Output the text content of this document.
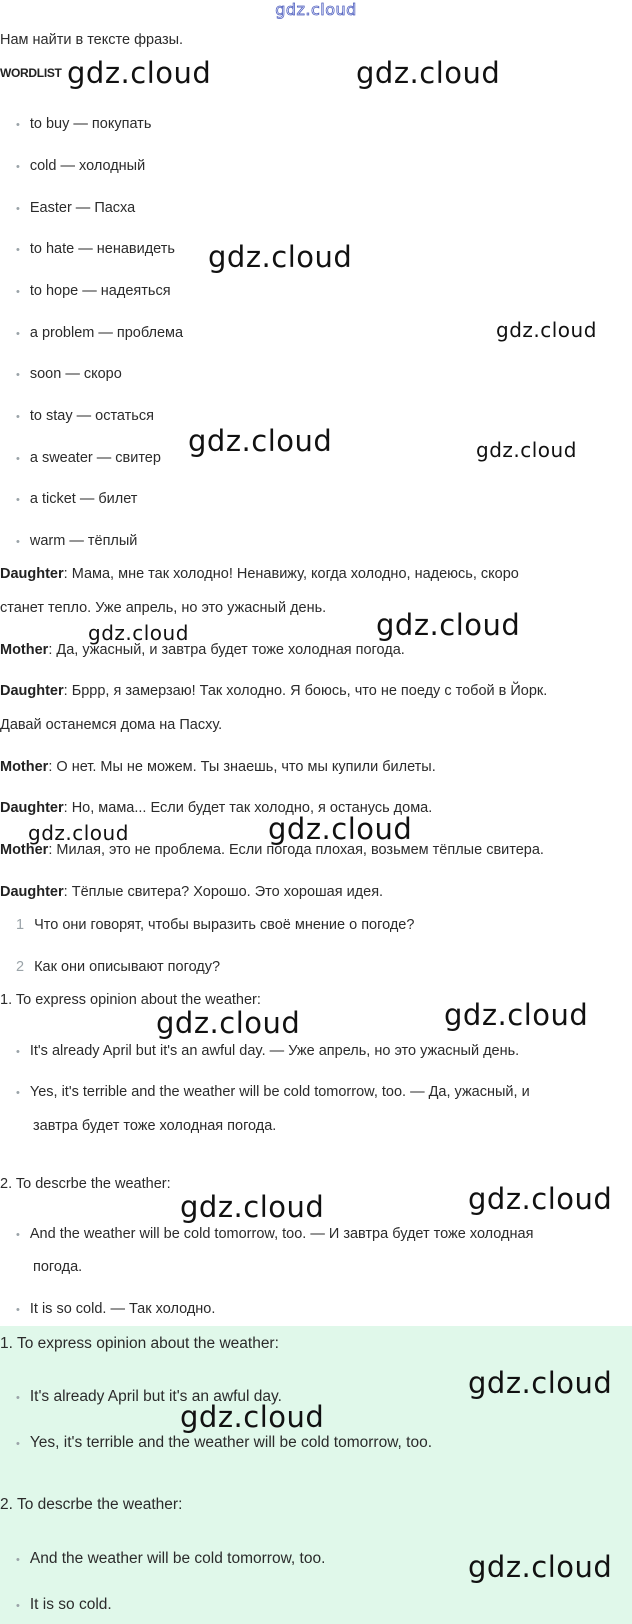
gdz.cloud
Нам найти в тексте фразы.
WORDLIST
• to buy — покупать
• cold — холодный
• Easter — Пасха
• to hate — ненавидеть
• to hope — надеяться
• a problem — проблема
• soon — скоро
• to stay — остаться
• a sweater — свитер
• a ticket — билет
• warm — тёплый
Daughter: Мама, мне так холодно! Ненавижу, когда холодно, надеюсь, скоро
станет тепло. Уже апрель, но это ужасный день.
Mother: Да, ужасный, и завтра будет тоже холодная погода.
Daughter: Бррр, я замерзаю! Так холодно. Я боюсь, что не поеду с тобой в Йорк.
Давай останемся дома на Пасху.
Mother: О нет. Мы не можем. Ты знаешь, что мы купили билеты.
Daughter: Но, мама... Если будет так холодно, я останусь дома.
Mother: Милая, это не проблема. Если погода плохая, возьмем тёплые свитера.
Daughter: Тёплые свитера? Хорошо. Это хорошая идея.
1 Что они говорят, чтобы выразить своё мнение о погоде?
2 Как они описывают погоду?
1. To express opinion about the weather:
• It's already April but it's an awful day. — Уже апрель, но это ужасный день.
• Yes, it's terrible and the weather will be cold tomorrow, too. — Да, ужасный, и
завтра будет тоже холодная погода.
2. To descrbe the weather:
• And the weather will be cold tomorrow, too. — И завтра будет тоже холодная
погода.
• It is so cold. — Так холодно.
1. To express opinion about the weather:
• It's already April but it's an awful day.
• Yes, it's terrible and the weather will be cold tomorrow, too.
2. To descrbe the weather:
• And the weather will be cold tomorrow, too.
• It is so cold.
gdz.cloud	gdz.cloud
gdz.cloud
gdz.cloud
gdz.cloud	gdz.cloud
gdz.cloud	gdz.cloud
gdz.cloud	gdz.cloud
gdz.cloud	gdz.cloud
gdz.cloud	gdz.cloud
gdz.cloud
gdz.cloud
gdz.cloud
